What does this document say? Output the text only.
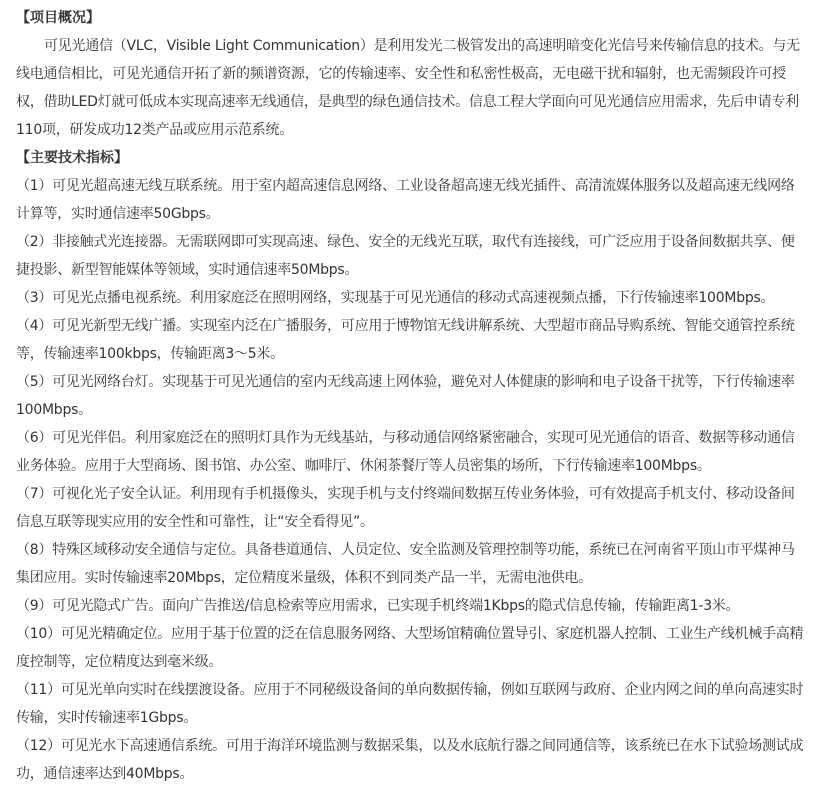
【项目概况】

可见光通信（VLC，Visible Light Communication）是利用发光二极管发出的高速明暗变化光信号来传输信息的技术。与无线电通信相比，可见光通信开拓了新的频谱资源，它的传输速率、安全性和私密性极高，无电磁干扰和辐射，也无需频段许可授权，借助LED灯就可低成本实现高速率无线通信，是典型的绿色通信技术。信息工程大学面向可见光通信应用需求，先后申请专利110项，研发成功12类产品或应用示范系统。

【主要技术指标】

（1）可见光超高速无线互联系统。用于室内超高速信息网络、工业设备超高速无线光插件、高清流媒体服务以及超高速无线网络计算等，实时通信速率50Gbps。

（2）非接触式光连接器。无需联网即可实现高速、绿色、安全的无线光互联，取代有连接线，可广泛应用于设备间数据共享、便捷投影、新型智能媒体等领域，实时通信速率50Mbps。

（3）可见光点播电视系统。利用家庭泛在照明网络，实现基于可见光通信的移动式高速视频点播，下行传输速率100Mbps。

（4）可见光新型无线广播。实现室内泛在广播服务，可应用于博物馆无线讲解系统、大型超市商品导购系统、智能交通管控系统等，传输速率100kbps，传输距离3～5米。

（5）可见光网络台灯。实现基于可见光通信的室内无线高速上网体验，避免对人体健康的影响和电子设备干扰等，下行传输速率100Mbps。

（6）可见光伴侣。利用家庭泛在的照明灯具作为无线基站，与移动通信网络紧密融合，实现可见光通信的语音、数据等移动通信业务体验。应用于大型商场、图书馆、办公室、咖啡厅、休闲茶餐厅等人员密集的场所，下行传输速率100Mbps。

（7）可视化光子安全认证。利用现有手机摄像头，实现手机与支付终端间数据互传业务体验，可有效提高手机支付、移动设备间信息互联等现实应用的安全性和可靠性，让“安全看得见”。

（8）特殊区域移动安全通信与定位。具备巷道通信、人员定位、安全监测及管理控制等功能，系统已在河南省平顶山市平煤神马集团应用。实时传输速率20Mbps，定位精度米量级，体积不到同类产品一半，无需电池供电。

（9）可见光隐式广告。面向广告推送/信息检索等应用需求，已实现手机终端1Kbps的隐式信息传输，传输距离1-3米。

（10）可见光精确定位。应用于基于位置的泛在信息服务网络、大型场馆精确位置导引、家庭机器人控制、工业生产线机械手高精度控制等，定位精度达到毫米级。

（11）可见光单向实时在线摆渡设备。应用于不同秘级设备间的单向数据传输，例如互联网与政府、企业内网之间的单向高速实时传输，实时传输速率1Gbps。

（12）可见光水下高速通信系统。可用于海洋环境监测与数据采集，以及水底航行器之间同通信等，该系统已在水下试验场测试成功，通信速率达到40Mbps。
